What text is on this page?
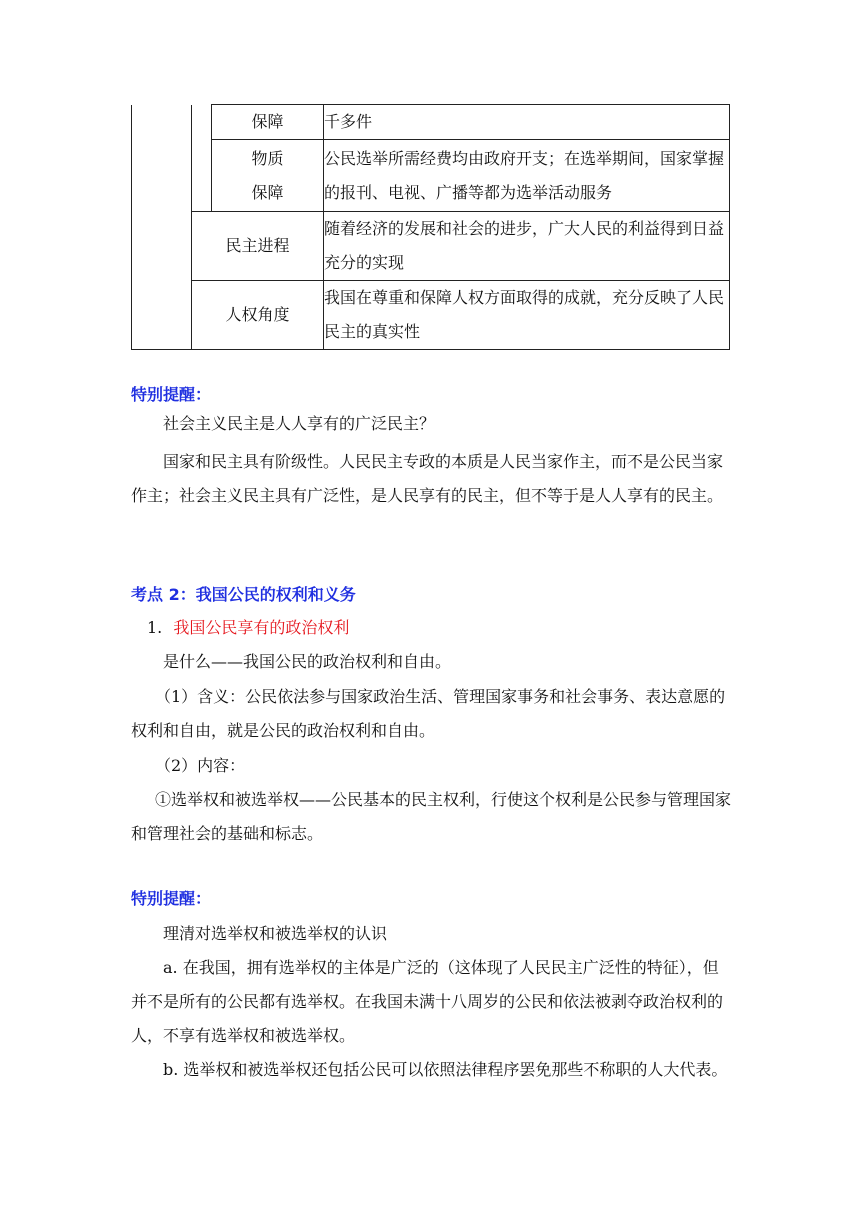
		保障	千多件

		物质
保障	公民选举所需经费均由政府开支；在选举期间，国家掌握的报刊、电视、广播等都为选举活动服务
	民主进程		随着经济的发展和社会的进步，广大人民的利益得到日益充分的实现
	人权角度		我国在尊重和保障人权方面取得的成就，充分反映了人民民主的真实性
特别提醒：
社会主义民主是人人享有的广泛民主？
国家和民主具有阶级性。人民民主专政的本质是人民当家作主，而不是公民当家作主；社会主义民主具有广泛性，是人民享有的民主，但不等于是人人享有的民主。
考点 2：我国公民的权利和义务
1. 我国公民享有的政治权利
是什么——我国公民的政治权利和自由。
（1）含义：公民依法参与国家政治生活、管理国家事务和社会事务、表达意愿的权利和自由，就是公民的政治权利和自由。
（2）内容：
①选举权和被选举权——公民基本的民主权利，行使这个权利是公民参与管理国家和管理社会的基础和标志。
特别提醒：
理清对选举权和被选举权的认识
a. 在我国，拥有选举权的主体是广泛的（这体现了人民民主广泛性的特征），但并不是所有的公民都有选举权。在我国未满十八周岁的公民和依法被剥夺政治权利的人，不享有选举权和被选举权。
b. 选举权和被选举权还包括公民可以依照法律程序罢免那些不称职的人大代表。
